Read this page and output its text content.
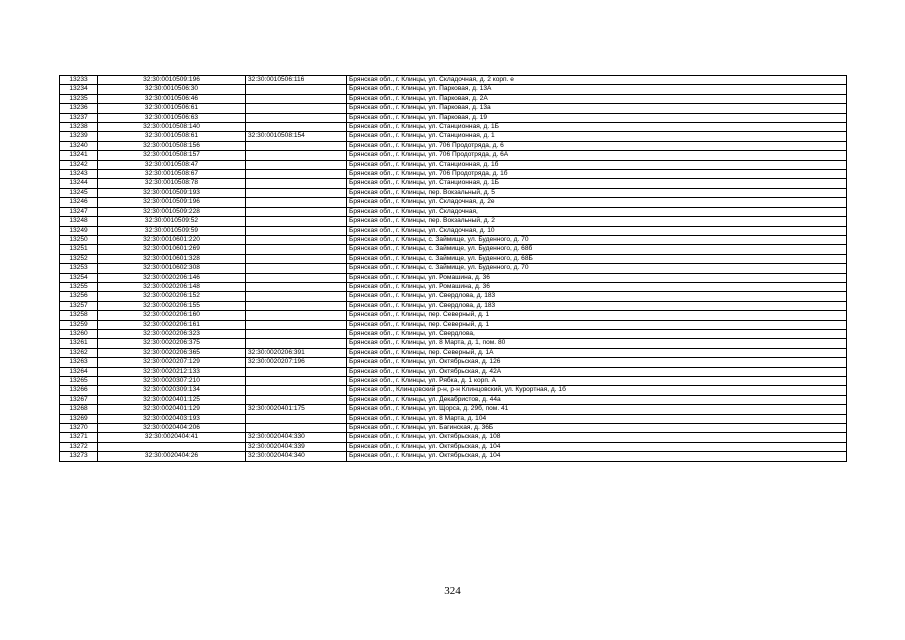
13233	32:30:0010509:196	32:30:0010506:116	Брянская обл., г. Клинцы, ул. Складочная, д. 2 корп. е
13234	32:30:0010506:30		Брянская обл., г. Клинцы, ул. Парковая, д. 13А
13235	32:30:0010506:46		Брянская обл., г. Клинцы, ул. Парковая, д. 2А
13236	32:30:0010506:61		Брянская обл., г. Клинцы, ул. Парковая, д. 13а
13237	32:30:0010506:63		Брянская обл., г. Клинцы, ул. Парковая, д. 19
13238	32:30:0010508:140		Брянская обл., г. Клинцы, ул. Станционная, д. 1Б
13239	32:30:0010508:61	32:30:0010508:154	Брянская обл., г. Клинцы, ул. Станционная, д. 1
13240	32:30:0010508:156		Брянская обл., г. Клинцы, ул. 706 Продотряда, д. 6
13241	32:30:0010508:157		Брянская обл., г. Клинцы, ул. 706 Продотряда, д. 6А
13242	32:30:0010508:47		Брянская обл., г. Клинцы, ул. Станционная, д. 1б
13243	32:30:0010508:67		Брянская обл., г. Клинцы, ул. 706 Продотряда, д. 1б
13244	32:30:0010508:78		Брянская обл., г. Клинцы, ул. Станционная, д. 1Б
13245	32:30:0010509:193		Брянская обл., г. Клинцы, пер. Вокзальный, д. 5
13246	32:30:0010509:196		Брянская обл., г. Клинцы, ул. Складочная, д. 2е
13247	32:30:0010509:228		Брянская обл., г. Клинцы, ул. Складочная,
13248	32:30:0010509:52		Брянская обл., г. Клинцы, пер. Вокзальный, д. 2
13249	32:30:0010509:59		Брянская обл., г. Клинцы, ул. Складочная, д. 10
13250	32:30:0010601:220		Брянская обл., г. Клинцы, с. Займище, ул. Буденного, д. 70
13251	32:30:0010601:269		Брянская обл., г. Клинцы, с. Займище, ул. Буденного, д. 68б
13252	32:30:0010601:328		Брянская обл., г. Клинцы, с. Займище, ул. Буденного, д. 68Б
13253	32:30:0010602:308		Брянская обл., г. Клинцы, с. Займище, ул. Буденного, д. 70
13254	32:30:0020206:146		Брянская обл., г. Клинцы, ул. Ромашина, д. 36
13255	32:30:0020206:148		Брянская обл., г. Клинцы, ул. Ромашина, д. 36
13256	32:30:0020206:152		Брянская обл., г. Клинцы, ул. Свердлова, д. 183
13257	32:30:0020206:155		Брянская обл., г. Клинцы, ул. Свердлова, д. 183
13258	32:30:0020206:160		Брянская обл., г. Клинцы, пер. Северный, д. 1
13259	32:30:0020206:161		Брянская обл., г. Клинцы, пер. Северный, д. 1
13260	32:30:0020206:323		Брянская обл., г. Клинцы, ул. Свердлова,
13261	32:30:0020206:375		Брянская обл., г. Клинцы, ул. 8 Марта, д. 1, пом. 80
13262	32:30:0020206:365	32:30:0020206:391	Брянская обл., г. Клинцы, пер. Северный, д. 1А
13263	32:30:0020207:129	32:30:0020207:196	Брянская обл., г. Клинцы, ул. Октябрьская, д. 126
13264	32:30:0020212:133		Брянская обл., г. Клинцы, ул. Октябрьская, д. 42А
13265	32:30:0020307:210		Брянская обл., г. Клинцы, ул. Рябка, д. 1 корп. А
13266	32:30:0020309:134		Брянская обл., Клинцовский р-н, р-н Клинцовский, ул. Курортная, д. 1б
13267	32:30:0020401:125		Брянская обл., г. Клинцы, ул. Декабристов, д. 44а
13268	32:30:0020401:129	32:30:0020401:175	Брянская обл., г. Клинцы, ул. Щорса, д. 29б, пом. 41
13269	32:30:0020403:193		Брянская обл., г. Клинцы, ул. 8 Марта, д. 104
13270	32:30:0020404:206		Брянская обл., г. Клинцы, ул. Багинская, д. 36Б
13271	32:30:0020404:41	32:30:0020404:330	Брянская обл., г. Клинцы, ул. Октябрьская, д. 108
13272		32:30:0020404:339	Брянская обл., г. Клинцы, ул. Октябрьская, д. 104
13273	32:30:0020404:26	32:30:0020404:340	Брянская обл., г. Клинцы, ул. Октябрьская, д. 104
324
